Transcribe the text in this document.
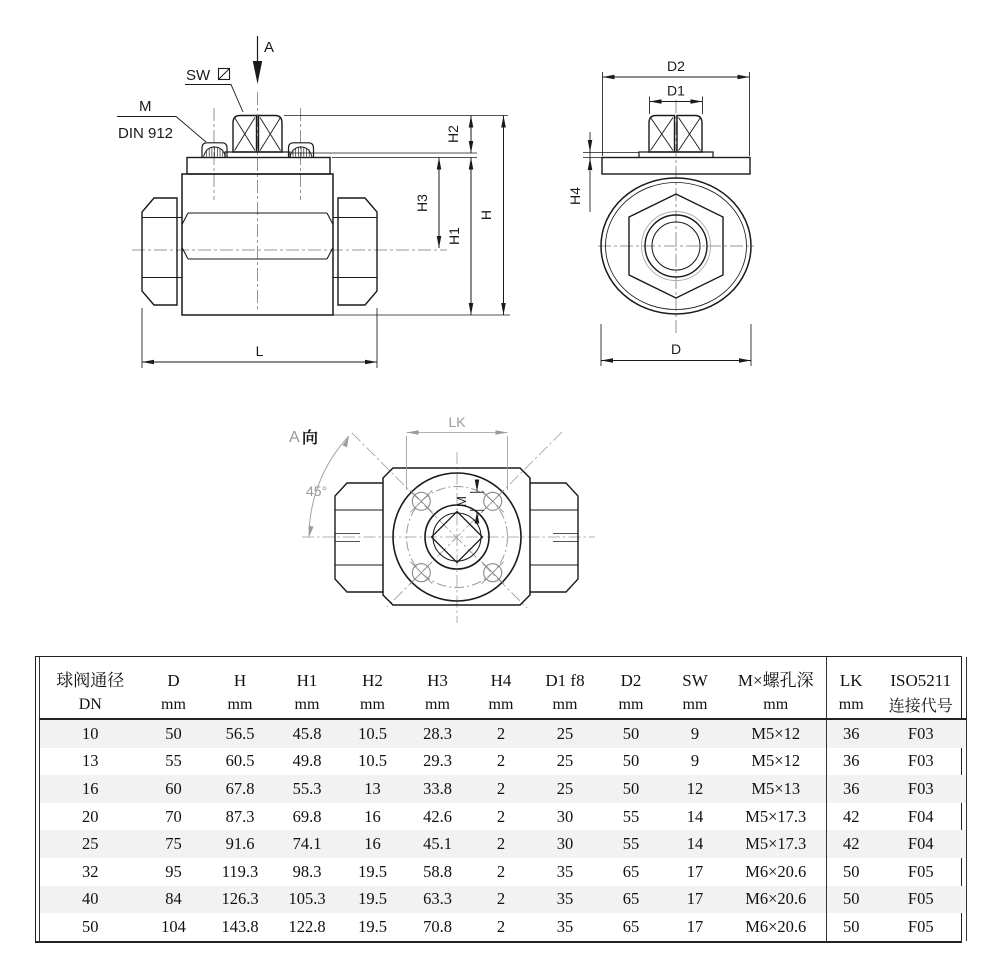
A
SW
M
DIN 912	H2
H3
H1
H
L
D2
D1
D
H4
LK
45°
A 向
M
球阀通径	D	H	H1	H2	H3	H4	D1 f8	D2	SW	M×螺孔深	LK	ISO5211
DN	mm	mm	mm	mm	mm	mm	mm	mm	mm	mm	mm	连接代号
10	50	56.5	45.8	10.5	28.3	2	25	50	9	M5×12	36	F03
13	55	60.5	49.8	10.5	29.3	2	25	50	9	M5×12	36	F03
16	60	67.8	55.3	13	33.8	2	25	50	12	M5×13	36	F03
20	70	87.3	69.8	16	42.6	2	30	55	14	M5×17.3	42	F04
25	75	91.6	74.1	16	45.1	2	30	55	14	M5×17.3	42	F04
32	95	119.3	98.3	19.5	58.8	2	35	65	17	M6×20.6	50	F05
40	84	126.3	105.3	19.5	63.3	2	35	65	17	M6×20.6	50	F05
50	104	143.8	122.8	19.5	70.8	2	35	65	17	M6×20.6	50	F05
